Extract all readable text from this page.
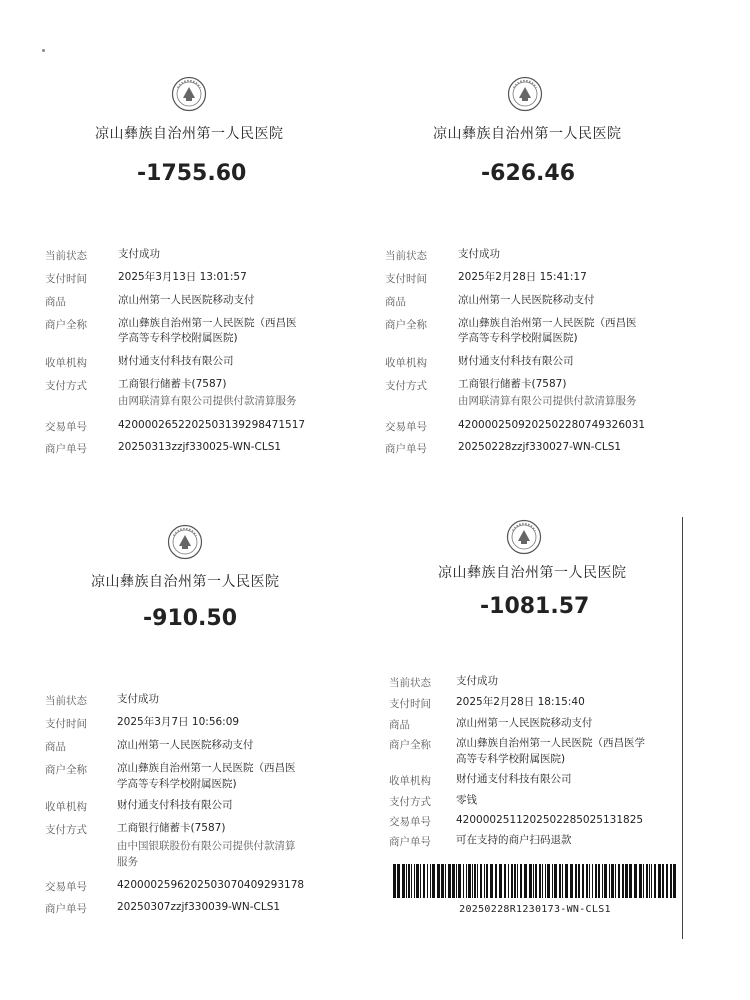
凉山彝族自治州第一人民医院
-1755.60
当前状态	支付成功
支付时间	2025年3月13日 13:01:57
商品	凉山州第一人民医院移动支付
商户全称	凉山彝族自治州第一人民医院（西昌医
学高等专科学校附属医院)
收单机构	财付通支付科技有限公司
支付方式	工商银行储蓄卡(7587)
由网联清算有限公司提供付款清算服务
交易单号	4200002652202503139298471517
商户单号	20250313zzjf330025-WN-CLS1
凉山彝族自治州第一人民医院
-626.46
当前状态	支付成功
支付时间	2025年2月28日 15:41:17
商品	凉山州第一人民医院移动支付
商户全称	凉山彝族自治州第一人民医院（西昌医
学高等专科学校附属医院)
收单机构	财付通支付科技有限公司
支付方式	工商银行储蓄卡(7587)
由网联清算有限公司提供付款清算服务
交易单号	4200002509202502280749326031
商户单号	20250228zzjf330027-WN-CLS1
凉山彝族自治州第一人民医院
-910.50
当前状态	支付成功
支付时间	2025年3月7日 10:56:09
商品	凉山州第一人民医院移动支付
商户全称	凉山彝族自治州第一人民医院（西昌医
学高等专科学校附属医院)
收单机构	财付通支付科技有限公司
支付方式	工商银行储蓄卡(7587)
由中国银联股份有限公司提供付款清算
服务
交易单号	4200002596202503070409293178
商户单号	20250307zzjf330039-WN-CLS1
凉山彝族自治州第一人民医院
-1081.57
当前状态 支付成功
支付时间 2025年2月28日 18:15:40
商品	凉山州第一人民医院移动支付
商户全称 凉山彝族自治州第一人民医院（西昌医学
高等专科学校附属医院)
收单机构 财付通支付科技有限公司
支付方式 零钱
交易单号 4200002511202502285025131825
商户单号 可在支持的商户扫码退款
20250228R1230173-WN-CLS1
